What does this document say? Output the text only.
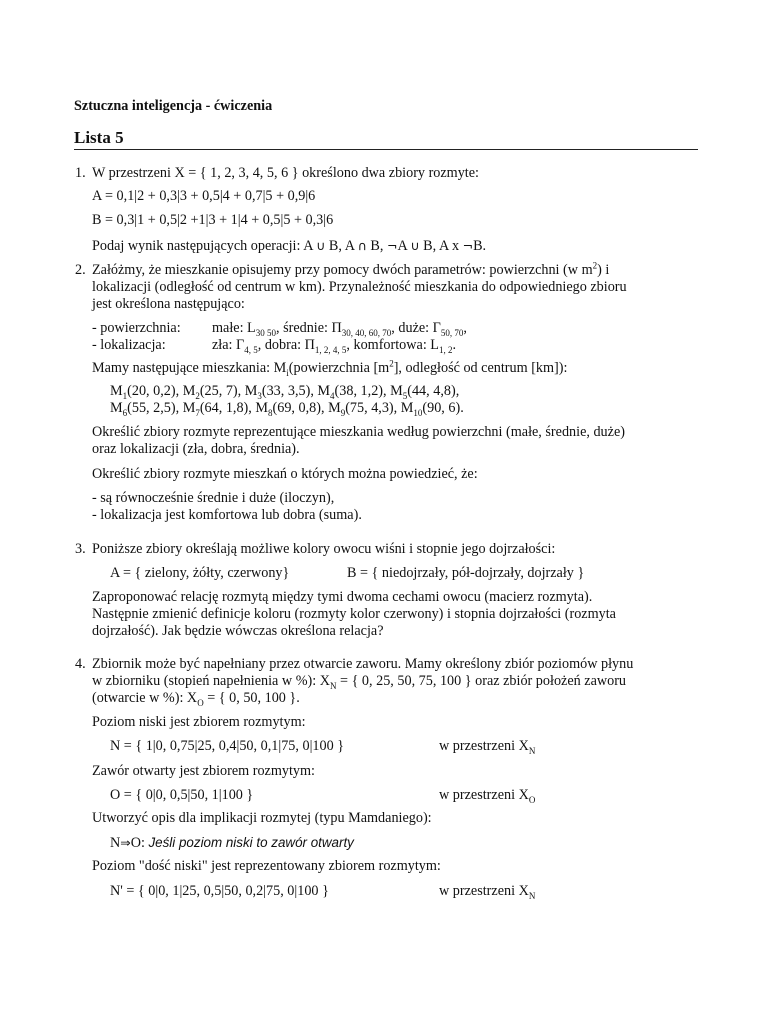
Sztuczna inteligencja - ćwiczenia
Lista 5
1. W przestrzeni X = { 1, 2, 3, 4, 5, 6 } określono dwa zbiory rozmyte:
A = 0,1|2 + 0,3|3 + 0,5|4 + 0,7|5 + 0,9|6
B = 0,3|1 + 0,5|2 +1|3 + 1|4 + 0,5|5 + 0,3|6
Podaj wynik następujących operacji: A ∪ B, A ∩ B, ¬A ∪ B, A x ¬B.
2. Załóżmy, że mieszkanie opisujemy przy pomocy dwóch parametrów: powierzchni (w $m^2$) i
lokalizacji (odległość od centrum w km). Przynależność mieszkania do odpowiedniego zbioru
jest określona następująco:
- powierzchnia: małe: $L_{30 50}$, średnie: $\Pi_{30, 40, 60, 70}$, duże: $\Gamma_{50, 70}$,
- lokalizacja:	zła: $\Gamma_{4, 5}$, dobra: $\Pi_{1, 2, 4, 5}$, komfortowa: $L_{1, 2}$.
Mamy następujące mieszkania: $M_i(powierzchnia$ $[m^2]$, odległość od centrum [km]):
$M_1(20$, 0,2), $M_2(25$, 7), $M_3(33$, 3,5), $M_4(38$, 1,2), $M_5(44$, 4,8),
$M_6(55$, 2,5), $M_7(64$, 1,8), $M_8(69$, 0,8), $M_9(75$, 4,3), $M_{10}(90$, 6).
Określić zbiory rozmyte reprezentujące mieszkania według powierzchni (małe, średnie, duże)
oraz lokalizacji (zła, dobra, średnia).
Określić zbiory rozmyte mieszkań o których można powiedzieć, że:
- są równocześnie średnie i duże (iloczyn),
- lokalizacja jest komfortowa lub dobra (suma).
3. Poniższe zbiory określają możliwe kolory owocu wiśni i stopnie jego dojrzałości:
A = { zielony, żółty, czerwony}	B = { niedojrzały, pół-dojrzały, dojrzały }
Zaproponować relację rozmytą między tymi dwoma cechami owocu (macierz rozmyta).
Następnie zmienić definicje koloru (rozmyty kolor czerwony) i stopnia dojrzałości (rozmyta
dojrzałość). Jak będzie wówczas określona relacja?
4. Zbiornik może być napełniany przez otwarcie zaworu. Mamy określony zbiór poziomów płynu
w zbiorniku (stopień napełnienia w %): $X_N$ = { 0, 25, 50, 75, 100 } oraz zbiór położeń zaworu
(otwarcie w %): $X_O$ = { 0, 50, 100 }.
Poziom niski jest zbiorem rozmytym:
N = { 1|0, 0,75|25, 0,4|50, 0,1|75, 0|100 }	w przestrzeni $X_N$
Zawór otwarty jest zbiorem rozmytym:
O = { 0|0, 0,5|50, 1|100 }	w przestrzeni $X_O$
Utworzyć opis dla implikacji rozmytej (typu Mamdaniego):
N⇒O: Jeśli poziom niski to zawór otwarty
Poziom "dość niski" jest reprezentowany zbiorem rozmytym:
N' = { 0|0, 1|25, 0,5|50, 0,2|75, 0|100 }	w przestrzeni $X_N$
